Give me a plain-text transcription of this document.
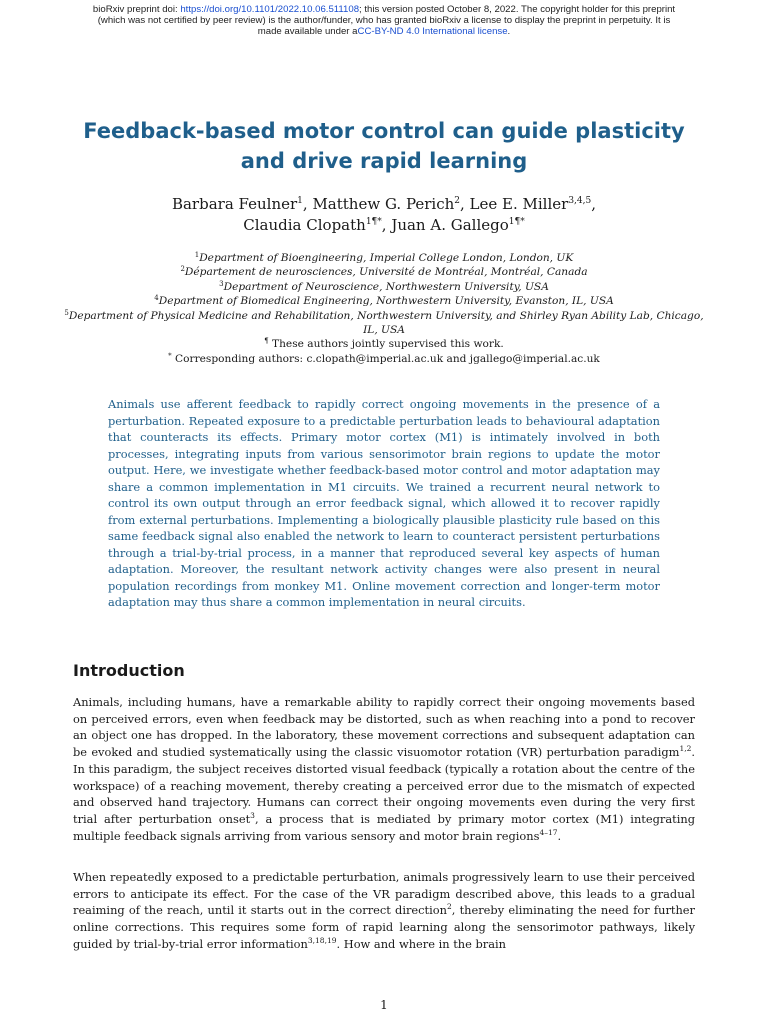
bioRxiv preprint doi: https://doi.org/10.1101/2022.10.06.511108; this version posted October 8, 2022. The copyright holder for this preprint
(which was not certified by peer review) is the author/funder, who has granted bioRxiv a license to display the preprint in perpetuity. It is
made available under aCC-BY-ND 4.0 International license.
Feedback-based motor control can guide plasticity
and drive rapid learning
Barbara Feulner$^1$, Matthew G. Perich$^2$, Lee E. Miller$^{3,4,5}$,
Claudia Clopath$^{1\P*}$, Juan A. Gallego$^{1\P*}$
$^1$Department of Bioengineering, Imperial College London, London, UK
$^2$Département de neurosciences, Université de Montréal, Montréal, Canada
$^3$Department of Neuroscience, Northwestern University, USA
$^4$Department of Biomedical Engineering, Northwestern University, Evanston, IL, USA
$^5$Department of Physical Medicine and Rehabilitation, Northwestern University, and Shirley Ryan Ability Lab, Chicago, IL, USA
¶ These authors jointly supervised this work.
* Corresponding authors: c.clopath@imperial.ac.uk and jgallego@imperial.ac.uk

Animals use afferent feedback to rapidly correct ongoing movements in the presence of a perturbation. Repeated exposure to a predictable perturbation leads to behavioural adaptation that counteracts its effects. Primary motor cortex (M1) is intimately involved in both processes, integrating inputs from various sensorimotor brain regions to update the motor output. Here, we investigate whether feedback-based motor control and motor adaptation may share a common implementation in M1 circuits. We trained a recurrent neural network to control its own output through an error feedback signal, which allowed it to recover rapidly from external perturbations. Implementing a biologically plausible plasticity rule based on this same feedback signal also enabled the network to learn to counteract persistent perturbations through a trial-by-trial process, in a manner that reproduced several key aspects of human adaptation. Moreover, the resultant network activity changes were also present in neural population recordings from monkey M1. Online movement correction and longer-term motor adaptation may thus share a common implementation in neural circuits.

Introduction

Animals, including humans, have a remarkable ability to rapidly correct their ongoing movements based on perceived errors, even when feedback may be distorted, such as when reaching into a pond to recover an object one has dropped. In the laboratory, these movement corrections and subsequent adaptation can be evoked and studied systematically using the classic visuomotor rotation (VR) perturbation paradigm$^{1,2}$. In this paradigm, the subject receives distorted visual feedback (typically a rotation about the centre of the workspace) of a reaching movement, thereby creating a perceived error due to the mismatch of expected and observed hand trajectory. Humans can correct their ongoing movements even during the very first trial after perturbation onset$^3$, a process that is mediated by primary motor cortex (M1) integrating multiple feedback signals arriving from various sensory and motor brain regions$^{4-17}$.

When repeatedly exposed to a predictable perturbation, animals progressively learn to use their perceived errors to anticipate its effect. For the case of the VR paradigm described above, this leads to a gradual reaiming of the reach, until it starts out in the correct direction$^2$, thereby eliminating the need for further online corrections. This requires some form of rapid learning along the sensorimotor pathways, likely guided by trial-by-trial error information$^{3,18,19}$. How and where in the brain

1
